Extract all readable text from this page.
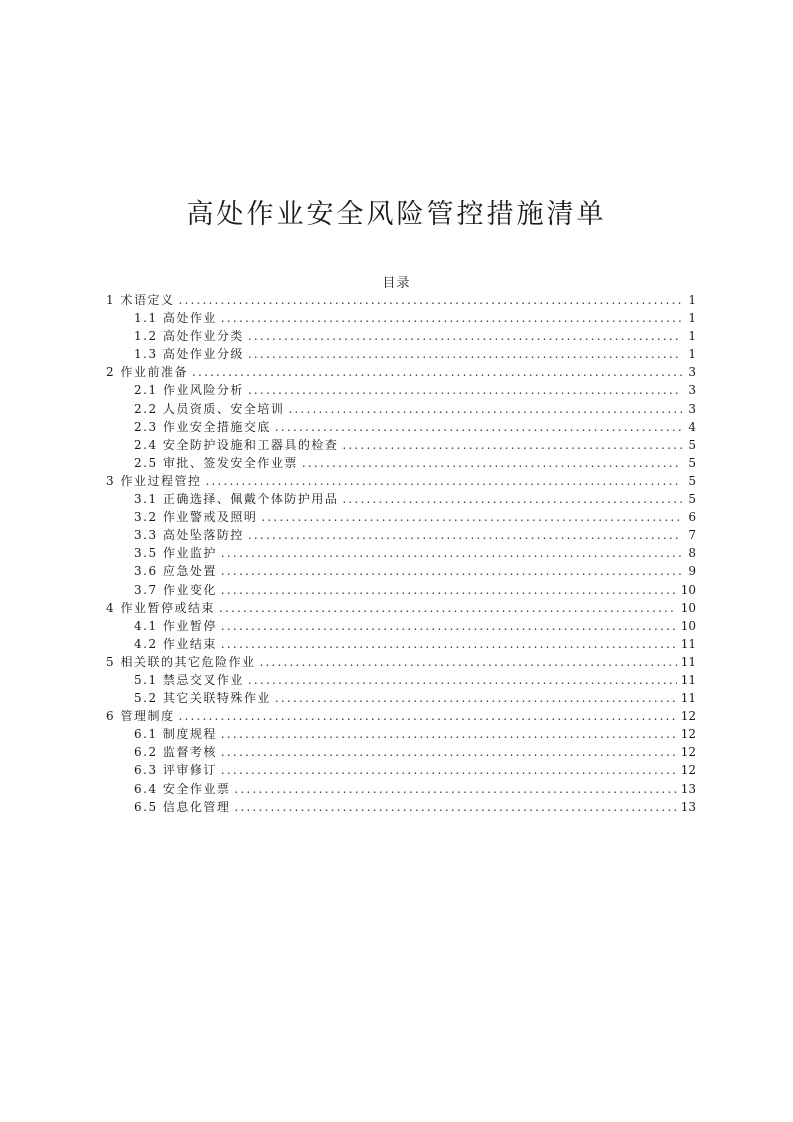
高处作业安全风险管控措施清单
目录
1 术语定义 .....	1
1.1 高处作业 .....	1
1.2 高处作业分类 .....	1
1.3 高处作业分级 .....	1
2 作业前准备 .....	3
2.1 作业风险分析 .....	3
2.2 人员资质、安全培训 .....	3
2.3 作业安全措施交底 .....	4
2.4 安全防护设施和工器具的检查 .....	5
2.5 审批、签发安全作业票 .....	5
3 作业过程管控 .....	5
3.1 正确选择、佩戴个体防护用品 .....	5
3.2 作业警戒及照明 .....	6
3.3 高处坠落防控 .....	7
3.5 作业监护 .....	8
3.6 应急处置 .....	9
3.7 作业变化 .....	10
4 作业暂停或结束 .....	10
4.1 作业暂停 .....	10
4.2 作业结束 .....	11
5 相关联的其它危险作业 .....	11
5.1 禁忌交叉作业 .....	11
5.2 其它关联特殊作业 .....	11
6 管理制度 .....	12
6.1 制度规程 .....	12
6.2 监督考核 .....	12
6.3 评审修订 .....	12
6.4 安全作业票 .....	13
6.5 信息化管理 .....	13
